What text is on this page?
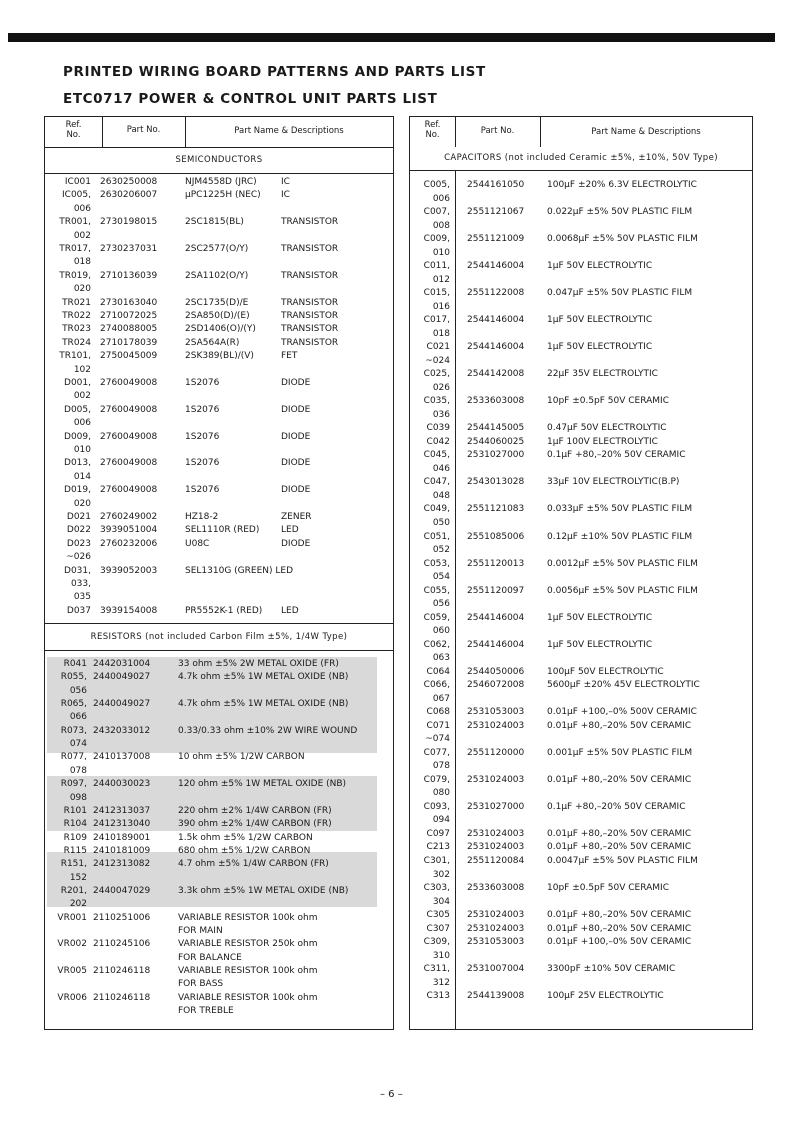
PRINTED WIRING BOARD PATTERNS AND PARTS LIST
ETC0717 POWER & CONTROL UNIT PARTS LIST
Ref.
No.	Part No.	Part Name & Descriptions
SEMICONDUCTORS
RESISTORS (not included Carbon Film ±5%, 1/4W Type)
IC001 2630250008	NJM4558D (JRC)	IC
IC005, 2630206007	µPC1225H (NEC) IC
006
TR001, 2730198015	2SC1815(BL)	TRANSISTOR
002
TR017, 2730237031	2SC2577(O/Y)	TRANSISTOR
018
TR019, 2710136039	2SA1102(O/Y)	TRANSISTOR
020
TR021 2730163040	2SC1735(D)/E	TRANSISTOR
TR022 2710072025	2SA850(D)/(E)	TRANSISTOR
TR023 2740088005	2SD1406(O)/(Y)	TRANSISTOR
TR024 2710178039	2SA564A(R)	TRANSISTOR
TR101, 2750045009	2SK389(BL)/(V)	FET
102
D001, 2760049008	1S2076	DIODE
002
D005, 2760049008	1S2076	DIODE
006
D009, 2760049008	1S2076	DIODE
010
D013, 2760049008	1S2076	DIODE
014
D019, 2760049008	1S2076	DIODE
020
D021 2760249002	HZ18-2	ZENER
D022 3939051004	SEL1110R (RED) LED
D023 2760232006	U08C	DIODE
~026
D031, 3939052003	SEL1310G (GREEN) LED
033,
035
D037 3939154008	PR5552K-1 (RED) LED
R041 2442031004	33 ohm ±5% 2W METAL OXIDE (FR)
R055, 2440049027	4.7k ohm ±5% 1W METAL OXIDE (NB)
056
R065, 2440049027	4.7k ohm ±5% 1W METAL OXIDE (NB)
066
R073, 2432033012	0.33/0.33 ohm ±10% 2W WIRE WOUND
074
R077, 2410137008	10 ohm ±5% 1/2W CARBON
078
R097, 2440030023	120 ohm ±5% 1W METAL OXIDE (NB)
098
R101 2412313037	220 ohm ±2% 1/4W CARBON (FR)
R104 2412313040	390 ohm ±2% 1/4W CARBON (FR)
R109 2410189001	1.5k ohm ±5% 1/2W CARBON
R115 2410181009	680 ohm ±5% 1/2W CARBON
R151, 2412313082	4.7 ohm ±5% 1/4W CARBON (FR)
152
R201, 2440047029	3.3k ohm ±5% 1W METAL OXIDE (NB)
202
VR001 2110251006	VARIABLE RESISTOR 100k ohm
FOR MAIN
VR002 2110245106	VARIABLE RESISTOR 250k ohm
FOR BALANCE
VR005 2110246118	VARIABLE RESISTOR 100k ohm
FOR BASS
VR006 2110246118	VARIABLE RESISTOR 100k ohm
FOR TREBLE
Ref.
No.	Part No.	Part Name & Descriptions
CAPACITORS (not included Ceramic ±5%, ±10%, 50V Type)
C005, 2544161050	100µF ±20% 6.3V ELECTROLYTIC
006
C007, 2551121067	0.022µF ±5% 50V PLASTIC FILM
008
C009, 2551121009	0.0068µF ±5% 50V PLASTIC FILM
010
C011, 2544146004	1µF 50V ELECTROLYTIC
012
C015, 2551122008	0.047µF ±5% 50V PLASTIC FILM
016
C017, 2544146004	1µF 50V ELECTROLYTIC
018
C021 2544146004	1µF 50V ELECTROLYTIC
~024
C025, 2544142008	22µF 35V ELECTROLYTIC
026
C035, 2533603008	10pF ±0.5pF 50V CERAMIC
036
C039 2544145005	0.47µF 50V ELECTROLYTIC
C042 2544060025	1µF 100V ELECTROLYTIC
C045, 2531027000	0.1µF +80,–20% 50V CERAMIC
046
C047, 2543013028	33µF 10V ELECTROLYTIC(B.P)
048
C049, 2551121083	0.033µF ±5% 50V PLASTIC FILM
050
C051, 2551085006	0.12µF ±10% 50V PLASTIC FILM
052
C053, 2551120013	0.0012µF ±5% 50V PLASTIC FILM
054
C055, 2551120097	0.0056µF ±5% 50V PLASTIC FILM
056
C059, 2544146004	1µF 50V ELECTROLYTIC
060
C062, 2544146004	1µF 50V ELECTROLYTIC
063
C064 2544050006	100µF 50V ELECTROLYTIC
C066, 2546072008	5600µF ±20% 45V ELECTROLYTIC
067
C068 2531053003	0.01µF +100,–0% 500V CERAMIC
C071 2531024003	0.01µF +80,–20% 50V CERAMIC
~074
C077, 2551120000	0.001µF ±5% 50V PLASTIC FILM
078
C079, 2531024003	0.01µF +80,–20% 50V CERAMIC
080
C093, 2531027000	0.1µF +80,–20% 50V CERAMIC
094
C097 2531024003	0.01µF +80,–20% 50V CERAMIC
C213 2531024003	0.01µF +80,–20% 50V CERAMIC
C301, 2551120084	0.0047µF ±5% 50V PLASTIC FILM
302
C303, 2533603008	10pF ±0.5pF 50V CERAMIC
304
C305 2531024003	0.01µF +80,–20% 50V CERAMIC
C307 2531024003	0.01µF +80,–20% 50V CERAMIC
C309, 2531053003	0.01µF +100,–0% 50V CERAMIC
310
C311, 2531007004	3300pF ±10% 50V CERAMIC
312
C313 2544139008	100µF 25V ELECTROLYTIC
– 6 –
